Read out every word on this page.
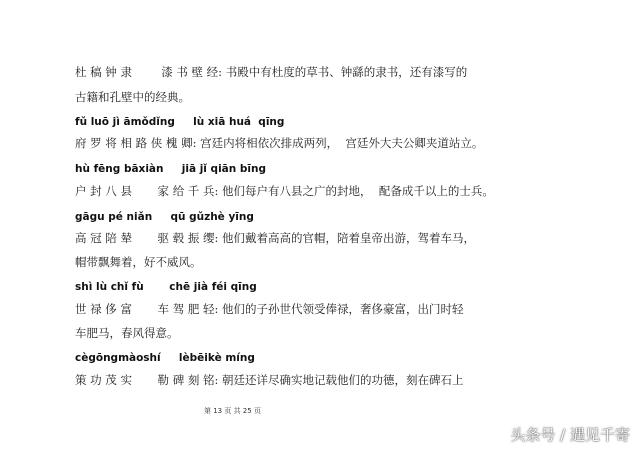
杜 稿 钟 隶        漆 书 壁 经: 书殿中有杜度的草书、钟繇的隶书，还有漆写的
古籍和孔壁中的经典。
fǔ luō jì āmǒdǐng     lù xiā huá  qīng
府 罗 将 相 路 侠 槐 卿: 宫廷内将相依次排成两列，  宫廷外大夫公卿夹道站立。
hù fēng bāxiàn     jiā jǐ qiān bīng
户 封 八 县       家 给 千 兵: 他们每户有八县之广的封地，  配备成千以上的士兵。
gāgu pé niǎn     qū gǔzhè yīng
高 冠 陪 辇       驱 毂 振 缨: 他们戴着高高的官帽，陪着皇帝出游，驾着车马，
帽带飘舞着，好不威风。
shì lù chǐ fù       chē jià féi qīng
世 禄 侈 富       车 驾 肥 轻: 他们的子孙世代领受俸禄，奢侈豪富，出门时轻
车肥马，春风得意。
cègōngmàoshí     lèbēikè míng
策 功 茂 实       勒 碑 刻 铭: 朝廷还详尽确实地记载他们的功德，刻在碑石上
第 13 页 共 25 页
头条号 / 遇见千寄
